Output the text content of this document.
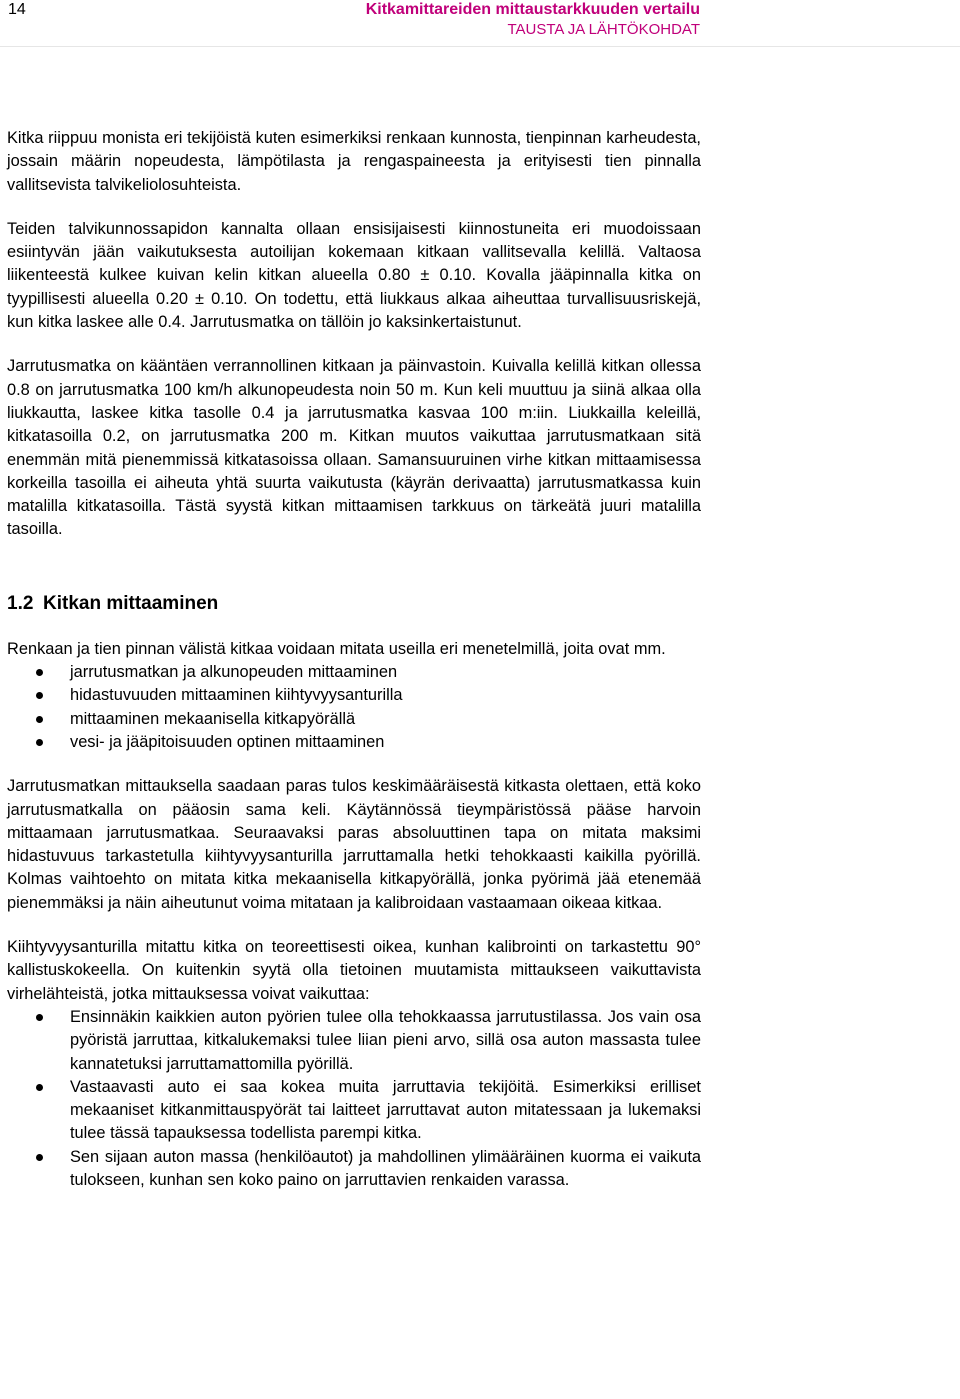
14	Kitkamittareiden mittaustarkkuuden vertailu
TAUSTA JA LÄHTÖKOHDAT

Kitka riippuu monista eri tekijöistä kuten esimerkiksi renkaan kunnosta, tienpinnan karheudesta, jossain määrin nopeudesta, lämpötilasta ja rengaspaineesta ja erityisesti tien pinnalla vallitsevista talvikeliolosuhteista.

Teiden talvikunnossapidon kannalta ollaan ensisijaisesti kiinnostuneita eri muodoissaan esiintyvän jään vaikutuksesta autoilijan kokemaan kitkaan vallitsevalla kelillä. Valtaosa liikenteestä kulkee kuivan kelin kitkan alueella 0.80 ± 0.10. Kovalla jääpinnalla kitka on tyypillisesti alueella 0.20 ± 0.10. On todettu, että liukkaus alkaa aiheuttaa turvallisuusriskejä, kun kitka laskee alle 0.4. Jarrutusmatka on tällöin jo kaksinkertaistunut.

Jarrutusmatka on kääntäen verrannollinen kitkaan ja päinvastoin. Kuivalla kelillä kitkan ollessa 0.8 on jarrutusmatka 100 km/h alkunopeudesta noin 50 m. Kun keli muuttuu ja siinä alkaa olla liukkautta, laskee kitka tasolle 0.4 ja jarrutusmatka kasvaa 100 m:iin. Liukkailla keleillä, kitkatasoilla 0.2, on jarrutusmatka 200 m. Kitkan muutos vaikuttaa jarrutusmatkaan sitä enemmän mitä pienemmissä kitkatasoissa ollaan. Samansuuruinen virhe kitkan mittaamisessa korkeilla tasoilla ei aiheuta yhtä suurta vaikutusta (käyrän derivaatta) jarrutusmatkassa kuin matalilla kitkatasoilla. Tästä syystä kitkan mittaamisen tarkkuus on tärkeätä juuri matalilla tasoilla.

1.2 Kitkan mittaaminen

Renkaan ja tien pinnan välistä kitkaa voidaan mitata useilla eri menetelmillä, joita ovat mm.

jarrutusmatkan ja alkunopeuden mittaaminen
hidastuvuuden mittaaminen kiihtyvyysanturilla
mittaaminen mekaanisella kitkapyörällä
vesi- ja jääpitoisuuden optinen mittaaminen

Jarrutusmatkan mittauksella saadaan paras tulos keskimääräisestä kitkasta olettaen, että koko jarrutusmatkalla on pääosin sama keli. Käytännössä tieympäristössä pääse harvoin mittaamaan jarrutusmatkaa. Seuraavaksi paras absoluuttinen tapa on mitata maksimi hidastuvuus tarkastetulla kiihtyvyysanturilla jarruttamalla hetki tehokkaasti kaikilla pyörillä. Kolmas vaihtoehto on mitata kitka mekaanisella kitkapyörällä, jonka pyörimä jää etenemää pienemmäksi ja näin aiheutunut voima mitataan ja kalibroidaan vastaamaan oikeaa kitkaa.

Kiihtyvyysanturilla mitattu kitka on teoreettisesti oikea, kunhan kalibrointi on tarkastettu 90° kallistuskokeella. On kuitenkin syytä olla tietoinen muutamista mittaukseen vaikuttavista virhelähteistä, jotka mittauksessa voivat vaikuttaa:

Ensinnäkin kaikkien auton pyörien tulee olla tehokkaassa jarrutustilassa. Jos vain osa pyöristä jarruttaa, kitkalukemaksi tulee liian pieni arvo, sillä osa auton massasta tulee kannatetuksi jarruttamattomilla pyörillä.
Vastaavasti auto ei saa kokea muita jarruttavia tekijöitä. Esimerkiksi erilliset mekaaniset kitkanmittauspyörät tai laitteet jarruttavat auton mitatessaan ja lukemaksi tulee tässä tapauksessa todellista parempi kitka.
Sen sijaan auton massa (henkilöautot) ja mahdollinen ylimääräinen kuorma ei vaikuta tulokseen, kunhan sen koko paino on jarruttavien renkaiden varassa.
